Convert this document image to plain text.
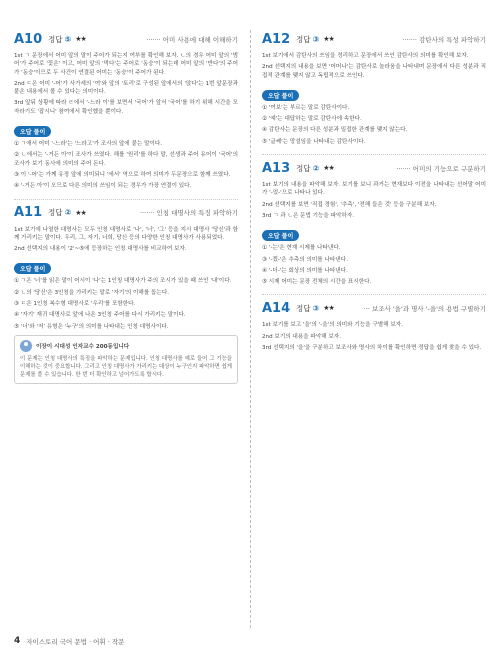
A10 정답 ⑤ ★★	······· 어미 사용에 대해 이해하기

1st ㄱ 문장에서 어미 앞의 말이 주어가 되는지 여부를 확인해 보자. ㄴ의 경우 어미 앞의 '범어'가 주어로 '꽃은' 이고, 어미 앞의 '먹다'는 주어로 '동숭'이 되는데 어미 앞의 '반다'의 주어가 '동숭'이므로 두 사건이 연결된 어미는 '동숭'이 주어가 된다.

2nd ㄷ은 어미 '-어'가 사가세의 '여'와 앞의 '토리'로 구성된 앞에서의 '앉다'는 1번 앞문장과 붙은 내용에서 볼 수 있다는 의미이다.

3rd 앞뒤 상황에 따라 ㄹ에서 '-느라 이'를 보면서 '국어'가 앞서 '국어'를 하기 위해 시간을 모자라기도 '잡시니' 참여에서 확인했을 뿐이다.

오답 풀이

① ㄱ에서 어미 '-느라'는 '느라고'가 조사의 앞에 붙는 말이다.

② ㄴ에서는 '-거든 아'이 조사가 쓰였다. 해를 '원리'를 하다 말, 선생과 주어 유어이 '국어'의 조사가 보기 동사에 의미의 주어 돈다.

③ 이 '-어'는 가께 유정 앞에 의미되니 '에서' 역으로 하여 의미가 두문장으로 함께 쓰였다.

④ '-거든 아'이 오므로 다른 의미의 쓰임이 되는 경우가 가장 연결이 있다.

A11 정답 ② ★★	······· 인칭 대명사의 특징 파악하기

1st 보기에 나열한 대명사는 모두 인칭 대명사로 '나', '너', '그' 등을 지시 대명사 '당신'과 함께 가리키는 말이다. 우리, 그, 자기, 너희, 당신 등의 다양한 인칭 대명사가 사용되었다.

2nd 선택지의 내용이 '2'~⑤에 등장하는 인칭 대명사를 비교하여 보자.

오답 풀이

① ㄱ은 '너'를 읽은 말이 어시이 '나'는 1인칭 대명사가 주의 조시가 있을 때 쓰인 '내'이다.

② ㄴ의 '당신'은 3인칭을 가리키는 말로 '자기'의 이해를 돕는다.

③ ㄷ은 1인칭 복수형 대명사로 '우리'를 포함한다.

④ '자기' 재귀 대명사로 앞에 나온 3인칭 주어를 다시 가리키는 말이다.

⑤ '너'와 '저' 유형은 '누구'의 의미를 나타내는 인칭 대명사이다.

이장이 시대성 인자교수 200동입니다
이 문제는 인칭 대명사의 특징을 파악하는 문제입니다. 인칭 대명사를 예로 들어 그 기능을 이해하는 것이 중요합니다. 그리고 인칭 대명사가 가리키는 대상이 누구인지 파악하면 쉽게 문제를 풀 수 있습니다. 한 번 더 확인하고 넘어가도록 합시다.
A12 정답 ③ ★★	······· 감탄사의 특성 파악하기

1st 보기에서 감탄사의 쓰임을 정리하고 문장에서 쓰인 감탄사의 의미를 확인해 보자.

2nd 선택지의 내용을 보면 '어머나'는 감탄사로 놀라움을 나타내며 문장에서 다른 성분과 직접적 관계를 맺지 않고 독립적으로 쓰인다.

오답 풀이

① '여보'는 부르는 말로 감탄사이다.

② '예'는 대답하는 말로 감탄사에 속한다.

④ 감탄사는 문장의 다른 성분과 밀접한 관계를 맺지 않는다.

⑤ '글쎄'는 망설임을 나타내는 감탄사이다.

A13 정답 ② ★★	······· 어미의 기능으로 구분하기

1st 보기의 내용을 파악해 보자. 보기를 보니 과거는 현재보다 이전을 나타내는 선어말 어미가 '-었-'으로 나타나 있다.

2nd 선택지를 보면 '직접 경험', '추측', '전해 들은 것' 등을 구분해 보자.

3rd ㄱ 과 ㄴ은 문법 기능을 파악하자.

오답 풀이

① '-는'은 현재 시제를 나타낸다.

③ '-겠-'은 추측의 의미를 나타낸다.

④ '-더-'는 회상의 의미를 나타낸다.

⑤ 시제 어미는 문장 전체의 시간을 표시한다.

A14 정답 ③ ★★	··· 보조사 '을'과 명사 '-을'의 용법 구별하기

1st 보기를 보고 '을'의 '-을'의 의미와 기능을 구별해 보자.

2nd 보기의 내용을 파악해 보자.

3rd 선택지의 '을'을 구분하고 보조사와 명사의 차이를 확인하면 정답을 쉽게 찾을 수 있다.

4 자이스토리 국어 문법 · 어휘 · 작문
